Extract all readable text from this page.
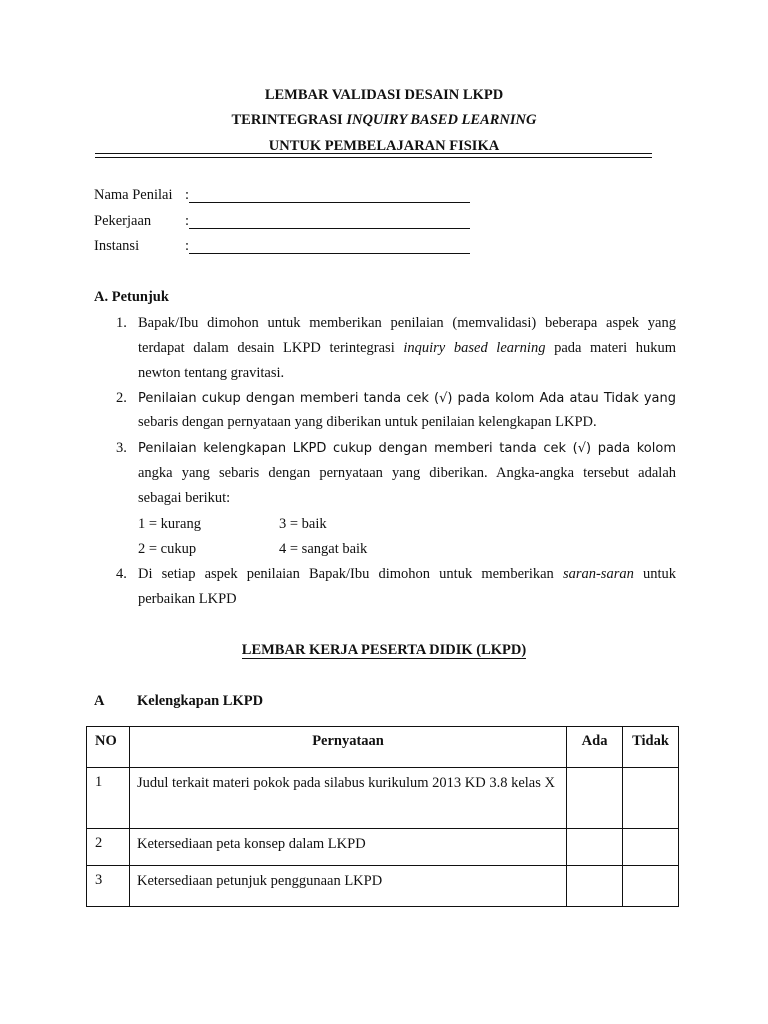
LEMBAR VALIDASI DESAIN LKPD
TERINTEGRASI INQUIRY BASED LEARNING
UNTUK PEMBELAJARAN FISIKA
Nama Penilai :
Pekerjaan :
Instansi	:
A. Petunjuk
1. Bapak/Ibu dimohon untuk memberikan penilaian (memvalidasi) beberapa aspek yang
terdapat dalam desain LKPD terintegrasi inquiry based learning pada materi hukum
newton tentang gravitasi.
2. Penilaian cukup dengan memberi tanda cek (√) pada kolom Ada atau Tidak yang
sebaris dengan pernyataan yang diberikan untuk penilaian kelengkapan LKPD.
3. Penilaian kelengkapan LKPD cukup dengan memberi tanda cek (√) pada kolom
angka yang sebaris dengan pernyataan yang diberikan. Angka-angka tersebut adalah
sebagai berikut:
1 = kurang	3 = baik
2 = cukup	4 = sangat baik
4. Di setiap aspek penilaian Bapak/Ibu dimohon untuk memberikan saran-saran untuk
perbaikan LKPD
LEMBAR KERJA PESERTA DIDIK (LKPD)
A Kelengkapan LKPD
NO	Pernyataan	Ada	Tidak
1	Judul terkait materi pokok pada silabus kurikulum 2013 KD 3.8 kelas X		
2	Ketersediaan peta konsep dalam LKPD		
3	Ketersediaan petunjuk penggunaan LKPD		
